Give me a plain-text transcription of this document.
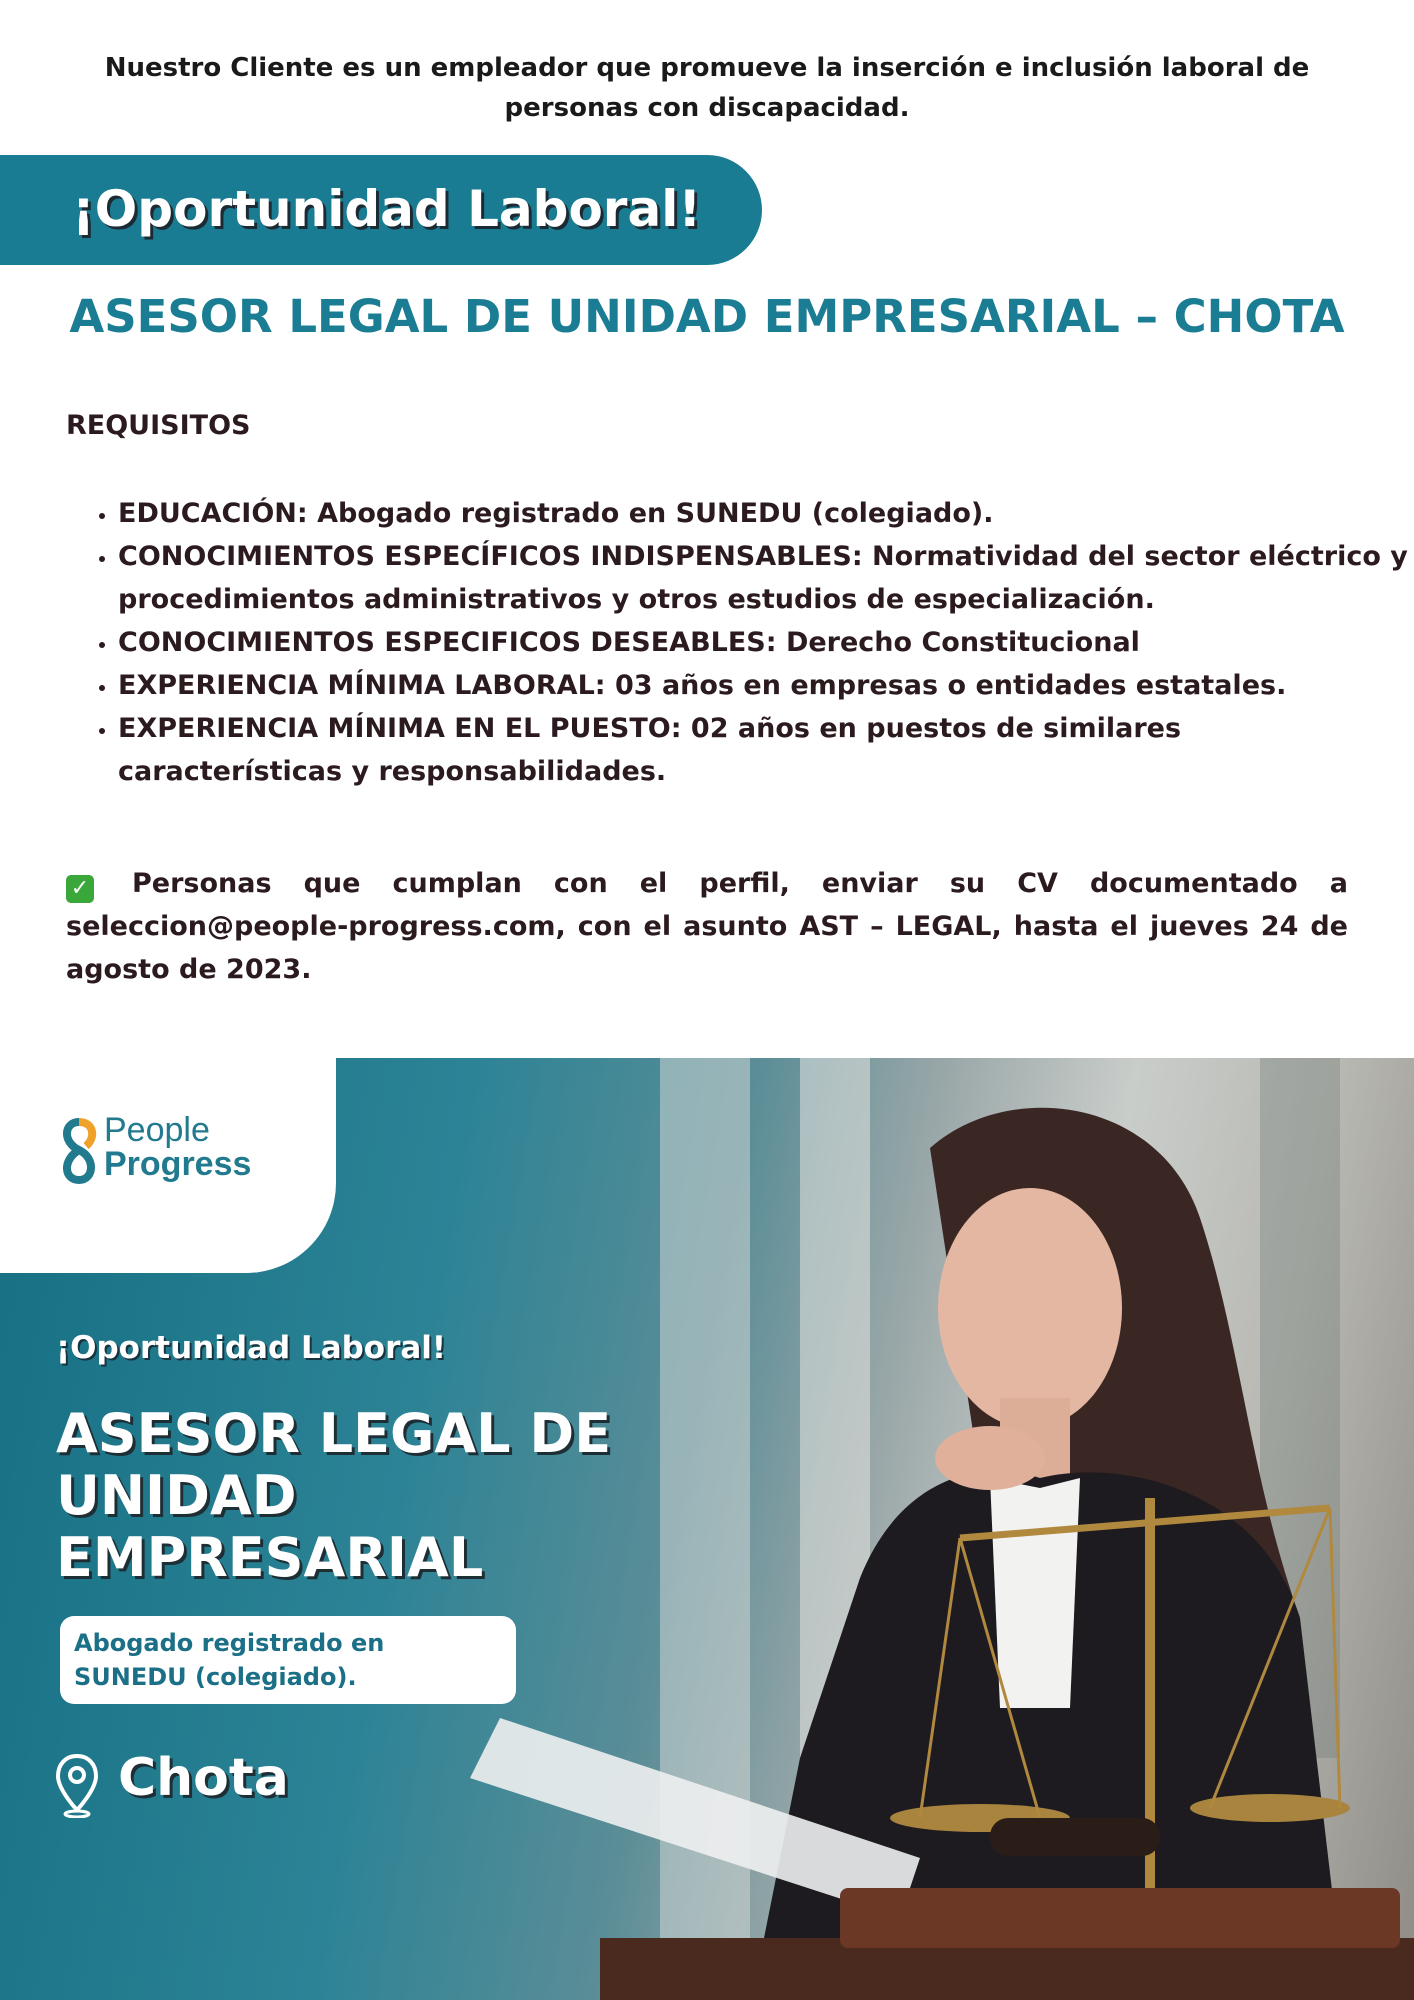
Nuestro Cliente es un empleador que promueve la inserción e inclusión laboral de personas con discapacidad.
¡Oportunidad Laboral!
ASESOR LEGAL DE UNIDAD EMPRESARIAL – CHOTA
REQUISITOS
• EDUCACIÓN: Abogado registrado en SUNEDU (colegiado).
• CONOCIMIENTOS ESPECÍFICOS INDISPENSABLES: Normatividad del sector eléctrico y procedimientos administrativos y otros estudios de especialización.
• CONOCIMIENTOS ESPECIFICOS DESEABLES: Derecho Constitucional
• EXPERIENCIA MÍNIMA LABORAL: 03 años en empresas o entidades estatales.
• EXPERIENCIA MÍNIMA EN EL PUESTO: 02 años en puestos de similares características y responsabilidades.
✓ Personas que cumplan con el perfil, enviar su CV documentado a seleccion@people-progress.com, con el asunto AST – LEGAL, hasta el jueves 24 de agosto de 2023.
People
Progress
¡Oportunidad Laboral!
ASESOR LEGAL DE UNIDAD EMPRESARIAL
Abogado registrado en SUNEDU (colegiado).
Chota
